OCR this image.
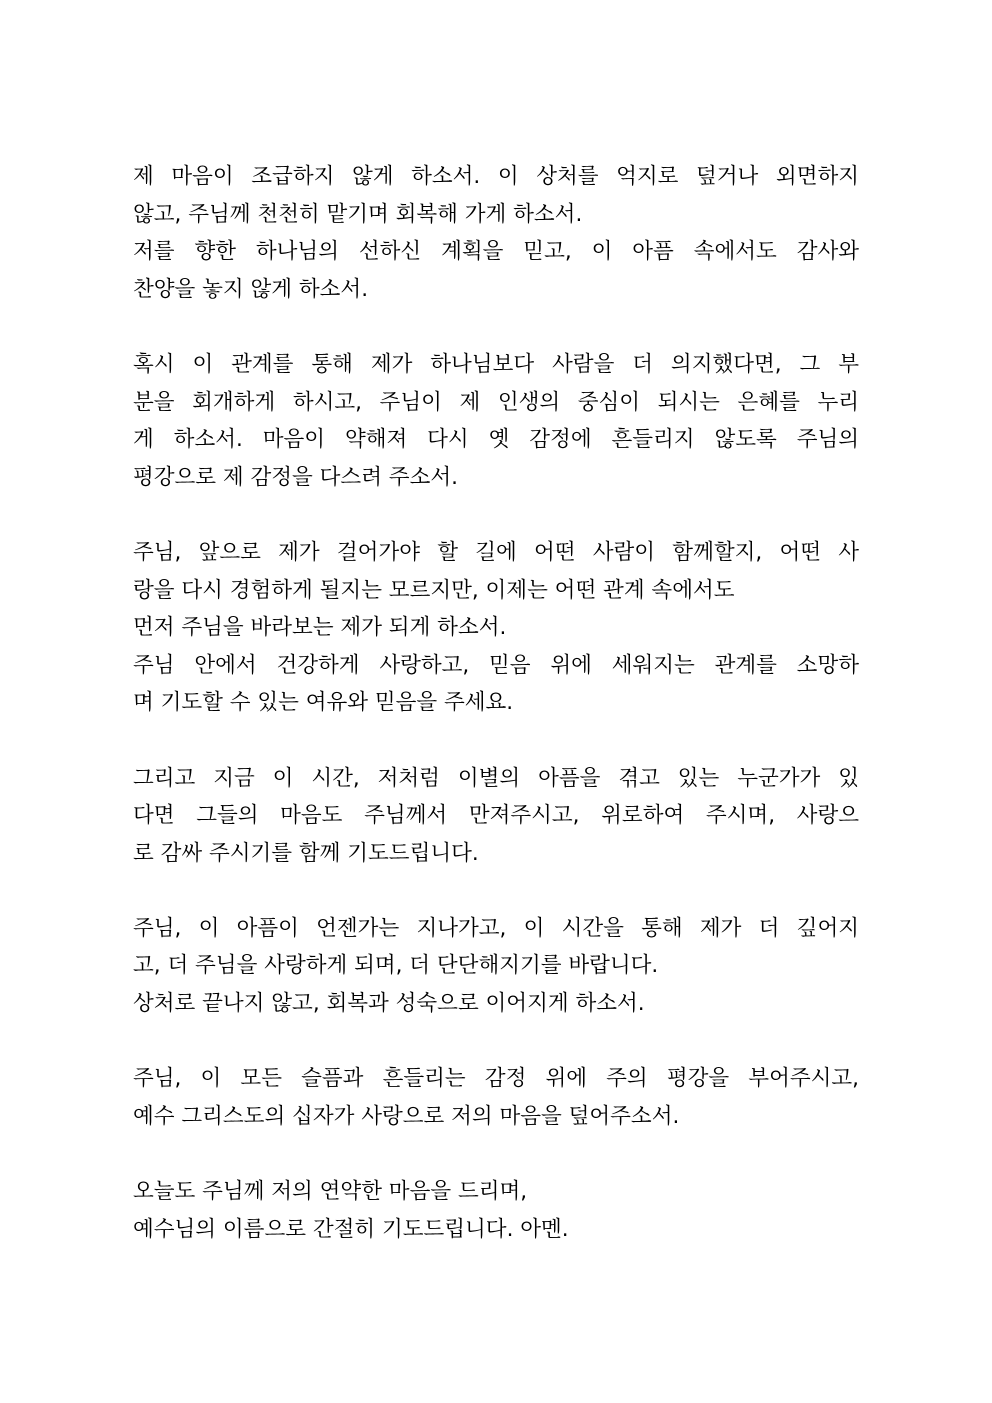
제 마음이 조급하지 않게 하소서. 이 상처를 억지로 덮거나 외면하지
않고, 주님께 천천히 맡기며 회복해 가게 하소서.
저를 향한 하나님의 선하신 계획을 믿고, 이 아픔 속에서도 감사와
찬양을 놓지 않게 하소서.
혹시 이 관계를 통해 제가 하나님보다 사람을 더 의지했다면, 그 부
분을 회개하게 하시고, 주님이 제 인생의 중심이 되시는 은혜를 누리
게 하소서. 마음이 약해져 다시 옛 감정에 흔들리지 않도록 주님의
평강으로 제 감정을 다스려 주소서.
주님, 앞으로 제가 걸어가야 할 길에 어떤 사람이 함께할지, 어떤 사
랑을 다시 경험하게 될지는 모르지만, 이제는 어떤 관계 속에서도
먼저 주님을 바라보는 제가 되게 하소서.
주님 안에서 건강하게 사랑하고, 믿음 위에 세워지는 관계를 소망하
며 기도할 수 있는 여유와 믿음을 주세요.
그리고 지금 이 시간, 저처럼 이별의 아픔을 겪고 있는 누군가가 있
다면 그들의 마음도 주님께서 만져주시고, 위로하여 주시며, 사랑으
로 감싸 주시기를 함께 기도드립니다.
주님, 이 아픔이 언젠가는 지나가고, 이 시간을 통해 제가 더 깊어지
고, 더 주님을 사랑하게 되며, 더 단단해지기를 바랍니다.
상처로 끝나지 않고, 회복과 성숙으로 이어지게 하소서.
주님, 이 모든 슬픔과 흔들리는 감정 위에 주의 평강을 부어주시고,
예수 그리스도의 십자가 사랑으로 저의 마음을 덮어주소서.
오늘도 주님께 저의 연약한 마음을 드리며,
예수님의 이름으로 간절히 기도드립니다. 아멘.
